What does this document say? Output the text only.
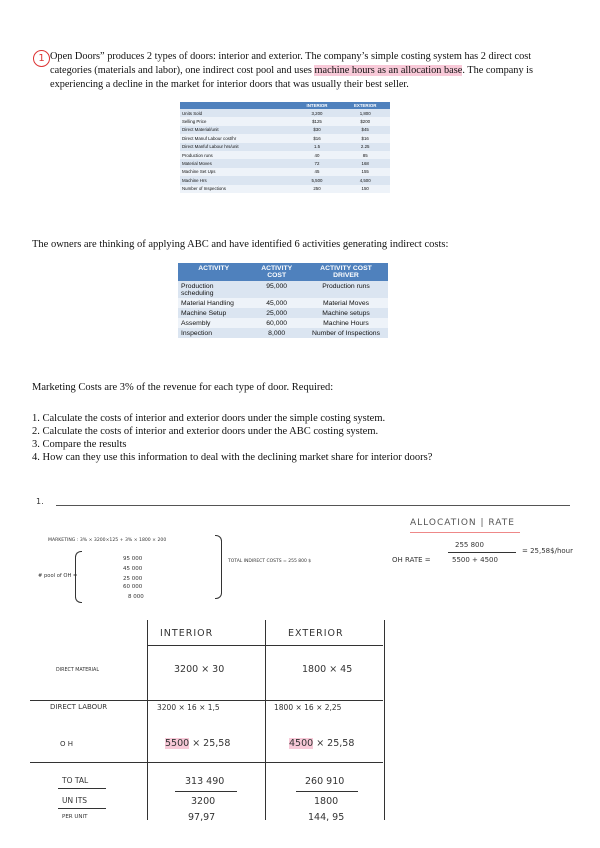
1 Open Doors” produces 2 types of doors: interior and exterior. The company’s simple costing system has 2 direct cost categories (materials and labor), one indirect cost pool and uses machine hours as an allocation base. The company is experiencing a decline in the market for interior doors that was usually their best seller.
	INTERIOR	EXTERIOR
Units Sold	3,200	1,800
Selling Price	$125	$200
Direct Material/unit	$30	$45
Direct Manuf Labour cost/hr	$16	$16
Direct Manfuf Labour hrs/unit	1.5	2.25
Production runs	40	85
Material Moves	72	168
Machine Set Ups	45	155
Machine Hrs	5,500	4,500
Number of Inspections	250	150
The owners are thinking of applying ABC and have identified 6 activities generating indirect costs:
ACTIVITY	ACTIVITY COST	ACTIVITY COST DRIVER
Production scheduling	95,000	Production runs
Material Handling	45,000	Material Moves
Machine Setup	25,000	Machine setups
Assembly	60,000	Machine Hours
Inspection	8,000	Number of Inspections
Marketing Costs are 3% of the revenue for each type of door. Required:
1. Calculate the costs of interior and exterior doors under the simple costing system.
2. Calculate the costs of interior and exterior doors under the ABC costing system.
3. Compare the results
4. How can they use this information to deal with the declining market share for interior doors?
1.
ALLOCATION | RATE
OH RATE =
255 800
5500 + 4500
= 25,58$/hour
MARKETING : 3% × 3200×125 + 3% × 1800 × 200
# pool of OH =
95 000
45 000
25 000
60 000
8 000
TOTAL INDIRECT COSTS = 255 800 $
INTERIOR	EXTERIOR
DIRECT MATERIAL	3200 × 30	1800 × 45
DIRECT LABOUR	3200 × 16 × 1,5	1800 × 16 × 2,25
O H	5500 × 25,58	4500 × 25,58
TO TAL	313 490	260 910
UN ITS	3200	1800
PER UNIT	97,97	144, 95
